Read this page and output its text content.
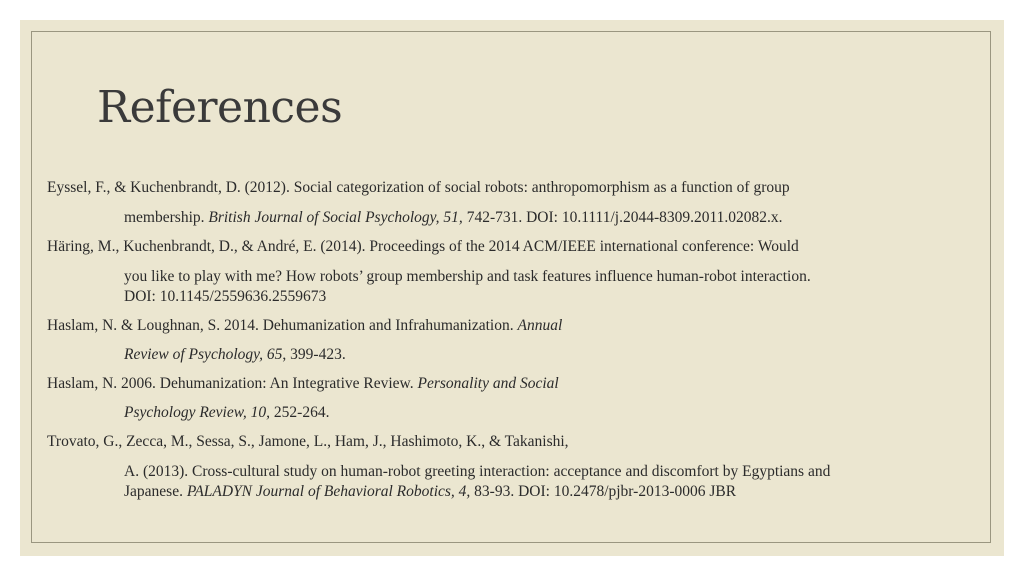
References
Eyssel, F., & Kuchenbrandt, D. (2012). Social categorization of social robots: anthropomorphism as a function of group
membership. British Journal of Social Psychology, 51, 742-731. DOI: 10.1111/j.2044-8309.2011.02082.x.
Häring, M., Kuchenbrandt, D., & André, E. (2014). Proceedings of the 2014 ACM/IEEE international conference: Would
you like to play with me? How robots’ group membership and task features influence human-robot interaction.
DOI: 10.1145/2559636.2559673
Haslam, N. & Loughnan, S. 2014. Dehumanization and Infrahumanization. Annual
Review of Psychology, 65, 399-423.
Haslam, N. 2006. Dehumanization: An Integrative Review. Personality and Social
Psychology Review, 10, 252-264.
Trovato, G., Zecca, M., Sessa, S., Jamone, L., Ham, J., Hashimoto, K., & Takanishi,
A. (2013). Cross-cultural study on human-robot greeting interaction: acceptance and discomfort by Egyptians and
Japanese. PALADYN Journal of Behavioral Robotics, 4, 83-93. DOI: 10.2478/pjbr-2013-0006 JBR
